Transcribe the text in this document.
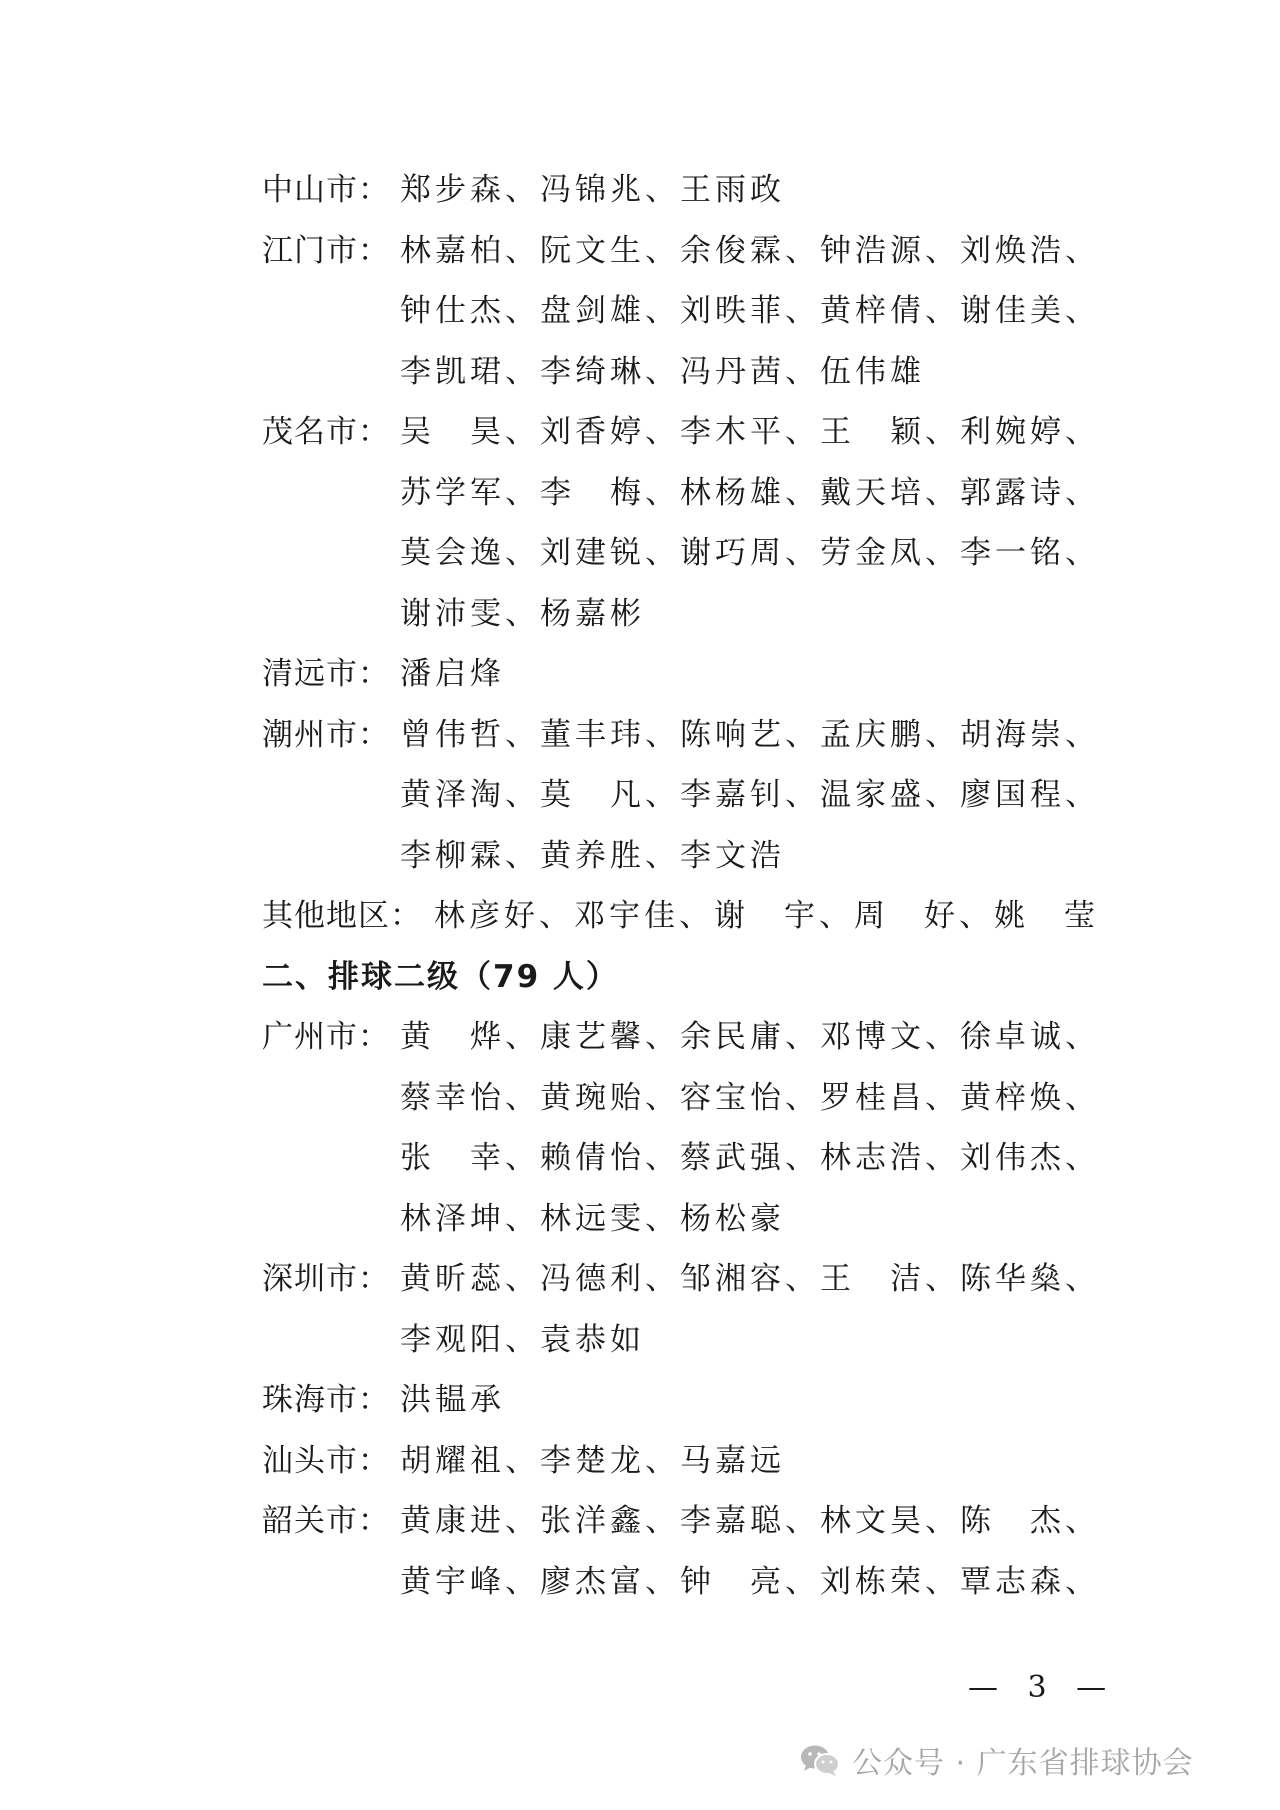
中山市： 郑步森、冯锦兆、王雨政
江门市： 林嘉柏、阮文生、余俊霖、钟浩源、刘焕浩、
钟仕杰、盘剑雄、刘昳菲、黄梓倩、谢佳美、
李凯珺、李绮琳、冯丹茜、伍伟雄
茂名市： 吴　昊、刘香婷、李木平、王　颖、利婉婷、
苏学军、李　梅、林杨雄、戴天培、郭露诗、
莫会逸、刘建锐、谢巧周、劳金凤、李一铭、
谢沛雯、杨嘉彬
清远市： 潘启烽
潮州市： 曾伟哲、董丰玮、陈响艺、孟庆鹏、胡海崇、
黄泽淘、莫　凡、李嘉钊、温家盛、廖国程、
李柳霖、黄养胜、李文浩
其他地区： 林彦好、邓宇佳、谢　宇、周　好、姚　莹
二、排球二级（79 人）
广州市： 黄　烨、康艺馨、余民庸、邓博文、徐卓诚、
蔡幸怡、黄琬贻、容宝怡、罗桂昌、黄梓焕、
张　幸、赖倩怡、蔡武强、林志浩、刘伟杰、
林泽坤、林远雯、杨松豪
深圳市： 黄昕蕊、冯德利、邹湘容、王　洁、陈华燊、
李观阳、袁恭如
珠海市： 洪韫承
汕头市： 胡耀祖、李楚龙、马嘉远
韶关市： 黄康进、张洋鑫、李嘉聪、林文昊、陈　杰、
黄宇峰、廖杰富、钟　亮、刘栋荣、覃志森、
— 3 —
公众号 · 广东省排球协会
